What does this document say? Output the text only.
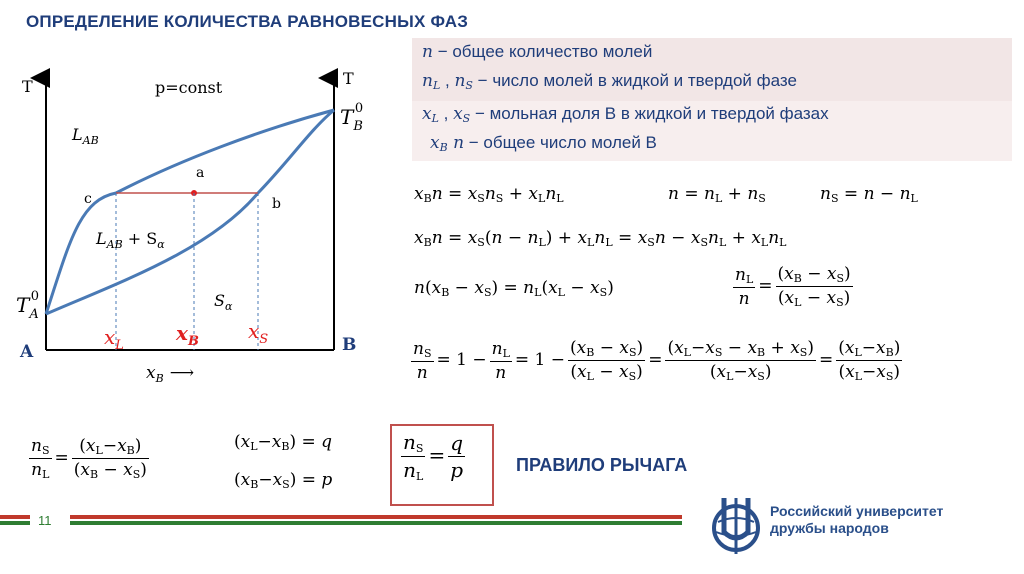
ОПРЕДЕЛЕНИЕ КОЛИЧЕСТВА РАВНОВЕСНЫХ ФАЗ
n − общее количество молей
$n_L$ , $n_S$ − число молей в жидкой и твердой фазе
$x_L$ , $x_S$ − мольная доля В в жидкой и твердой фазах
$x_B$ n − общее число молей В
T	T
p=const
$L_{AB}$
$L_{AB} + S_\alpha$
$S_\alpha$
a
b
c
$T_A0$
$T_B0$
A	B
$x_L$
$x_B$ $x_S$
$x_B$ ⟶
$x_Bn = x_Sn_S + x_Ln_L$	$n = n_L + n_S$	$n_S = n - n_L$
$x_Bn = x_S(n - n_L) + x_Ln_L = x_Sn - x_Sn_L + x_Ln_L$
$n(x_B - x_S) = n_L(x_L - x_S)$	$\frac{n_L}{n} = \frac{(x_B - x_S)}{(x_L - x_S)}$
$\frac{n_S}{n} = 1 - \frac{n_L}{n} = 1 - \frac{(x_B - x_S)}{(x_L - x_S)} = \frac{(x_L-x_S - x_B + x_S)}{(x_L-x_S)} = \frac{(x_L-x_B)}{(x_L-x_S)}$
$\frac{n_S}{n_L} = \frac{(x_L-x_B)}{(x_B - x_S)}$	$(x_L-x_B) = q$
$(x_B-x_S) = p$	$\frac{n_S}{n_L} = \frac{q}{p}$	ПРАВИЛО РЫЧАГА
11
Российский университет
дружбы народов
